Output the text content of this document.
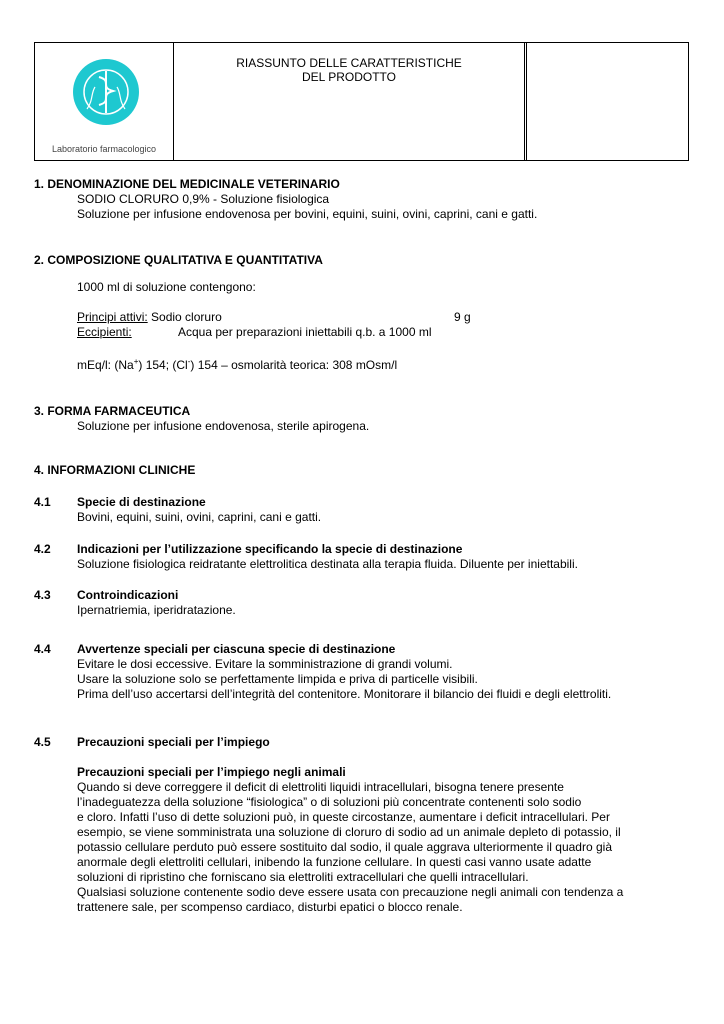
Laboratorio farmacologico
RIASSUNTO DELLE CARATTERISTICHE
DEL PRODOTTO
1. DENOMINAZIONE DEL MEDICINALE VETERINARIO
SODIO CLORURO 0,9% - Soluzione fisiologica
Soluzione per infusione endovenosa per bovini, equini, suini, ovini, caprini, cani e gatti.
2. COMPOSIZIONE QUALITATIVA E QUANTITATIVA
1000 ml di soluzione contengono:
Principi attivi: Sodio cloruro	9 g
Eccipienti:	Acqua per preparazioni iniettabili q.b. a 1000 ml
mEq/l: (Na+) 154; (Cl-) 154 – osmolarità teorica: 308 mOsm/l
3. FORMA FARMACEUTICA
Soluzione per infusione endovenosa, sterile apirogena.
4. INFORMAZIONI CLINICHE
4.1 Specie di destinazione
Bovini, equini, suini, ovini, caprini, cani e gatti.
4.2 Indicazioni per l’utilizzazione specificando la specie di destinazione
Soluzione fisiologica reidratante elettrolitica destinata alla terapia fluida. Diluente per iniettabili.
4.3 Controindicazioni
Ipernatriemia, iperidratazione.
4.4 Avvertenze speciali per ciascuna specie di destinazione
Evitare le dosi eccessive. Evitare la somministrazione di grandi volumi.
Usare la soluzione solo se perfettamente limpida e priva di particelle visibili.
Prima dell’uso accertarsi dell’integrità del contenitore. Monitorare il bilancio dei fluidi e degli elettroliti.
4.5 Precauzioni speciali per l’impiego
Precauzioni speciali per l’impiego negli animali
Quando si deve correggere il deficit di elettroliti liquidi intracellulari, bisogna tenere presente
l’inadeguatezza della soluzione “fisiologica” o di soluzioni più concentrate contenenti solo sodio
e cloro. Infatti l’uso di dette soluzioni può, in queste circostanze, aumentare i deficit intracellulari. Per
esempio, se viene somministrata una soluzione di cloruro di sodio ad un animale depleto di potassio, il
potassio cellulare perduto può essere sostituito dal sodio, il quale aggrava ulteriormente il quadro già
anormale degli elettroliti cellulari, inibendo la funzione cellulare. In questi casi vanno usate adatte
soluzioni di ripristino che forniscano sia elettroliti extracellulari che quelli intracellulari.
Qualsiasi soluzione contenente sodio deve essere usata con precauzione negli animali con tendenza a
trattenere sale, per scompenso cardiaco, disturbi epatici o blocco renale.
